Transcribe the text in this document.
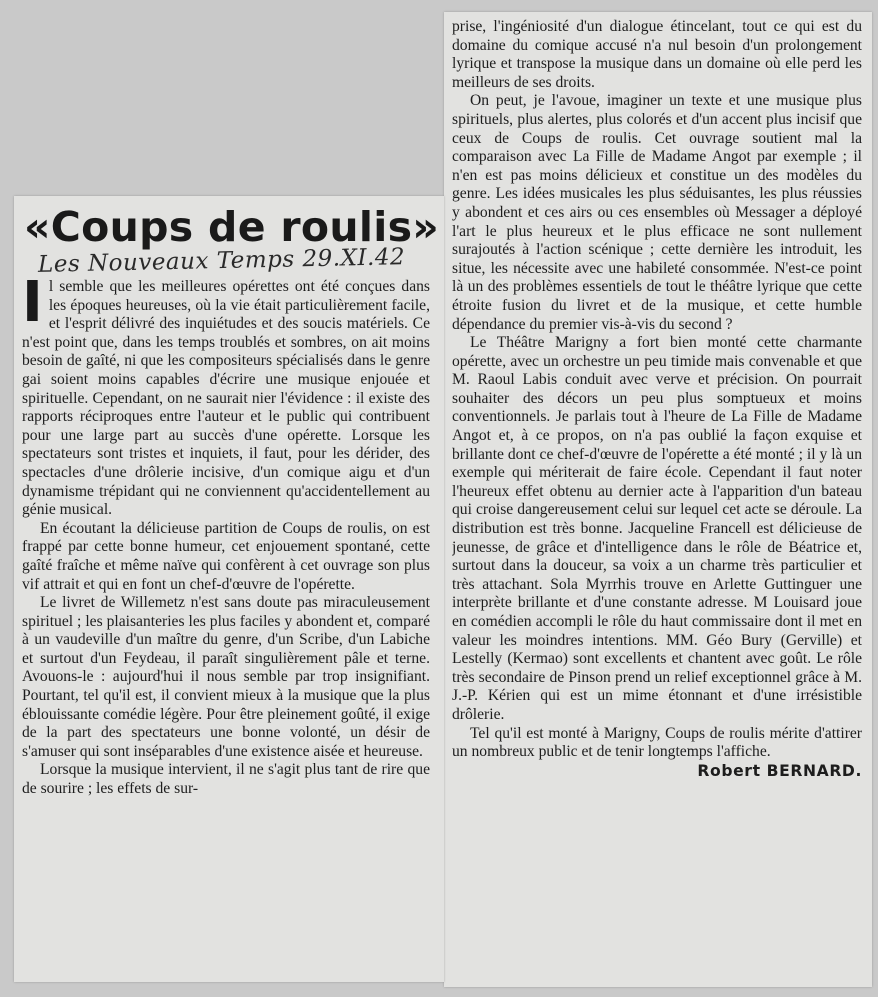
«Coups de roulis»
Les Nouveaux Temps 29.XI.42

Il semble que les meilleures opérettes ont été conçues dans les époques heureuses, où la vie était particulièrement facile, et l'esprit délivré des inquiétudes et des soucis matériels. Ce n'est point que, dans les temps troublés et sombres, on ait moins besoin de gaîté, ni que les compositeurs spécialisés dans le genre gai soient moins capables d'écrire une musique enjouée et spirituelle. Cependant, on ne saurait nier l'évidence : il existe des rapports réciproques entre l'auteur et le public qui contribuent pour une large part au succès d'une opérette. Lorsque les spectateurs sont tristes et inquiets, il faut, pour les dérider, des spectacles d'une drôlerie incisive, d'un comique aigu et d'un dynamisme trépidant qui ne conviennent qu'accidentellement au génie musical.

En écoutant la délicieuse partition de Coups de roulis, on est frappé par cette bonne humeur, cet enjouement spontané, cette gaîté fraîche et même naïve qui confèrent à cet ouvrage son plus vif attrait et qui en font un chef-d'œuvre de l'opérette.

Le livret de Willemetz n'est sans doute pas miraculeusement spirituel ; les plaisanteries les plus faciles y abondent et, comparé à un vaudeville d'un maître du genre, d'un Scribe, d'un Labiche et surtout d'un Feydeau, il paraît singulièrement pâle et terne. Avouons-le : aujourd'hui il nous semble par trop insignifiant. Pourtant, tel qu'il est, il convient mieux à la musique que la plus éblouissante comédie légère. Pour être pleinement goûté, il exige de la part des spectateurs une bonne volonté, un désir de s'amuser qui sont inséparables d'une existence aisée et heureuse.

Lorsque la musique intervient, il ne s'agit plus tant de rire que de sourire ; les effets de sur-

prise, l'ingéniosité d'un dialogue étincelant, tout ce qui est du domaine du comique accusé n'a nul besoin d'un prolongement lyrique et transpose la musique dans un domaine où elle perd les meilleurs de ses droits.

On peut, je l'avoue, imaginer un texte et une musique plus spirituels, plus alertes, plus colorés et d'un accent plus incisif que ceux de Coups de roulis. Cet ouvrage soutient mal la comparaison avec La Fille de Madame Angot par exemple ; il n'en est pas moins délicieux et constitue un des modèles du genre. Les idées musicales les plus séduisantes, les plus réussies y abondent et ces airs ou ces ensembles où Messager a déployé l'art le plus heureux et le plus efficace ne sont nullement surajoutés à l'action scénique ; cette dernière les introduit, les situe, les nécessite avec une habileté consommée. N'est-ce point là un des problèmes essentiels de tout le théâtre lyrique que cette étroite fusion du livret et de la musique, et cette humble dépendance du premier vis-à-vis du second ?

Le Théâtre Marigny a fort bien monté cette charmante opérette, avec un orchestre un peu timide mais convenable et que M. Raoul Labis conduit avec verve et précision. On pourrait souhaiter des décors un peu plus somptueux et moins conventionnels. Je parlais tout à l'heure de La Fille de Madame Angot et, à ce propos, on n'a pas oublié la façon exquise et brillante dont ce chef-d'œuvre de l'opérette a été monté ; il y là un exemple qui mériterait de faire école. Cependant il faut noter l'heureux effet obtenu au dernier acte à l'apparition d'un bateau qui croise dangereusement celui sur lequel cet acte se déroule. La distribution est très bonne. Jacqueline Francell est délicieuse de jeunesse, de grâce et d'intelligence dans le rôle de Béatrice et, surtout dans la douceur, sa voix a un charme très particulier et très attachant. Sola Myrrhis trouve en Arlette Guttinguer une interprète brillante et d'une constante adresse. M Louisard joue en comédien accompli le rôle du haut commissaire dont il met en valeur les moindres intentions. MM. Géo Bury (Gerville) et Lestelly (Kermao) sont excellents et chantent avec goût. Le rôle très secondaire de Pinson prend un relief exceptionnel grâce à M. J.-P. Kérien qui est un mime étonnant et d'une irrésistible drôlerie.

Tel qu'il est monté à Marigny, Coups de roulis mérite d'attirer un nombreux public et de tenir longtemps l'affiche.
Robert BERNARD.
